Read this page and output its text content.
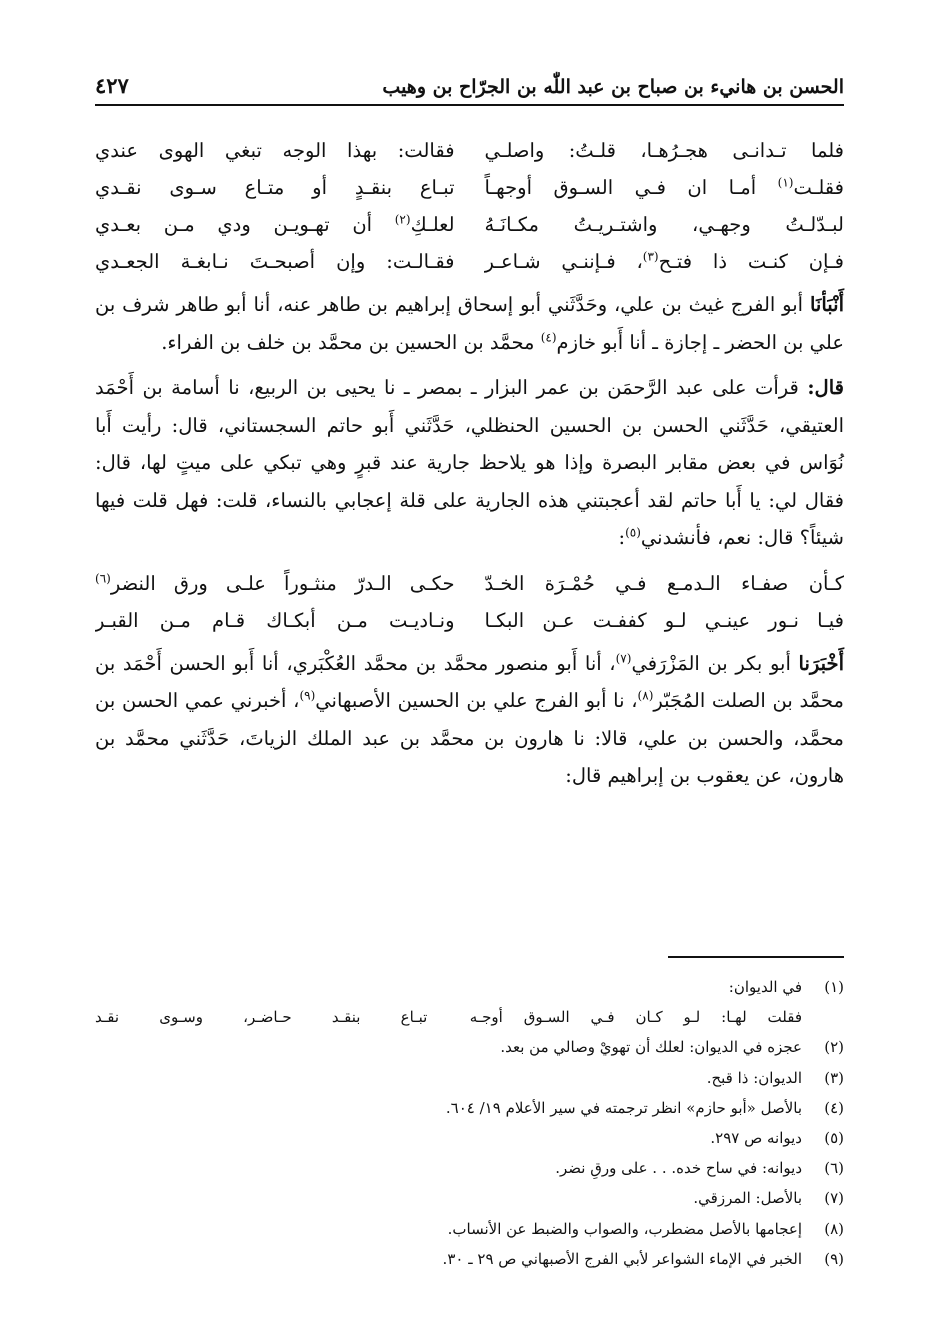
الحسن بن هانيء بن صباح بن عبد اللّٰه بن الجرّاح بن وهيب
٤٢٧
فلما تـدانـى هجـرُهـا، قلـتُ: واصلـي
فقالت: بهذا الوجه تبغي الهوى عندي
فقلـت$^{(١)}$ أمـا ان فـي السـوق أوجهـاً
تبـاع بنقـدٍ أو متـاع سـوى نقـدي
لبـدّلـتُ وجهـي، واشتـريـتُ مكـانَـهُ
لعلـكِ$^{(٢)}$ أن تهـويـن ودي مـن بعـدي
فـإن كنـت ذا فتـح$^{(٣)}$، فـإننـي شـاعـر
فقـالـت: وإن أصبحـتَ نـابغـة الجعـدي

أَنْبَأنَا أبو الفرج غيث بن علي، وحَدَّثَني أبو إسحاق إبراهيم بن طاهر عنه، أنا أبو طاهر شرف بن علي بن الحضر ـ إجازة ـ أنا أَبو خازم$^{(٤)}$ محمَّد بن الحسين بن محمَّد بن خلف بن الفراء.

قال: قرأت على عبد الرَّحمَن بن عمر البزار ـ بمصر ـ نا يحيى بن الربيع، نا أسامة بن أَحْمَد العتيقي، حَدَّثَني الحسن بن الحسين الحنظلي، حَدَّثَني أَبو حاتم السجستاني، قال: رأيت أَبا نُوَاس في بعض مقابر البصرة وإذا هو يلاحظ جارية عند قبرٍ وهي تبكي على ميتٍ لها، قال: فقال لي: يا أَبا حاتم لقد أعجبتني هذه الجارية على قلة إعجابي بالنساء، قلت: فهل قلت فيها شيئاً؟ قال: نعم، فأنشدني$^{(٥)}$:

كـأن صفـاء الـدمـع فـي حُمْـرَة الخـدّ
حكـى الـدرّ منثـوراً علـى ورق النضر$^{(٦)}$
فيـا نـور عينـي لـو كففـت عـن البكـا
ونـاديـت مـن أبكـاك قـام مـن القبـر

أَخْبَرَنا أبو بكر بن المَزْرَفي$^{(٧)}$، أنا أَبو منصور محمَّد بن محمَّد العُكْبَري، أنا أَبو الحسن أَحْمَد بن محمَّد بن الصلت المُجَبّر$^{(٨)}$، نا أبو الفرج علي بن الحسين الأصبهاني$^{(٩)}$، أخبرني عمي الحسن بن محمَّد، والحسن بن علي، قالا: نا هارون بن محمَّد بن عبد الملك الزياتَ، حَدَّثَني محمَّد بن هارون، عن يعقوب بن إبراهيم قال:

(١)
في الديوان:
فقلت لهـا: لـو كـان فـي السـوق أوجـه
تبـاع بنقـد حـاضـر، وسـوى نقـد
(٢)
عجزه في الديوان: لعلك أن تهويْ وصالي من بعد.
(٣)
الديوان: ذا قبح.
(٤)
بالأصل «أبو حازم» انظر ترجمته في سير الأعلام ١٩/ ٦٠٤.
(٥)
ديوانه ص ٢٩٧.
(٦)
ديوانه: في ساح خده. . . على ورقِ نضر.
(٧)
بالأصل: المرزقي.
(٨)
إعجامها بالأصل مضطرب، والصواب والضبط عن الأنساب.
(٩)
الخبر في الإماء الشواعر لأبي الفرج الأصبهاني ص ٢٩ ـ ٣٠.
